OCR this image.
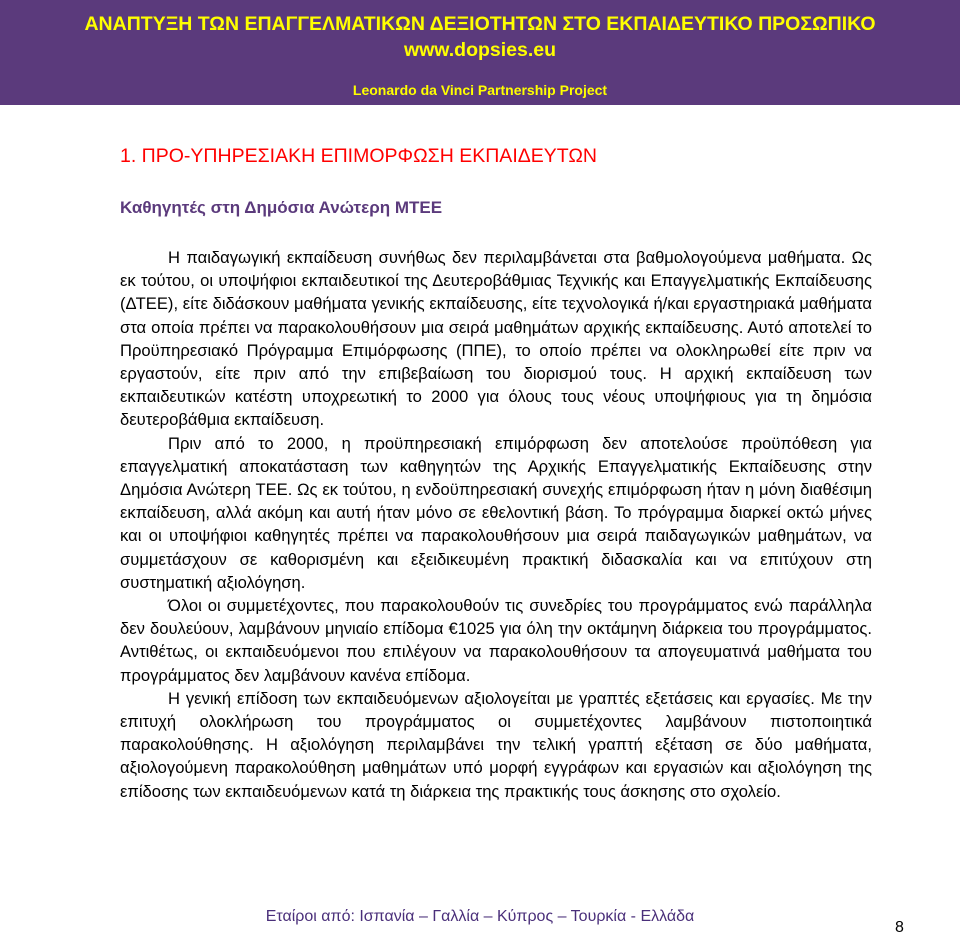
ΑΝΑΠΤΥΞΗ ΤΩΝ ΕΠΑΓΓΕΛΜΑΤΙΚΩΝ ΔΕΞΙΟΤΗΤΩΝ ΣΤΟ ΕΚΠΑΙΔΕΥΤΙΚΟ ΠΡΟΣΩΠΙΚΟ
www.dopsies.eu
Leonardo da Vinci Partnership Project
1. ΠΡΟ-ΥΠΗΡΕΣΙΑΚΗ ΕΠΙΜΟΡΦΩΣΗ ΕΚΠΑΙΔΕΥΤΩΝ
Καθηγητές στη Δημόσια Ανώτερη ΜΤΕΕ

Η παιδαγωγική εκπαίδευση συνήθως δεν περιλαμβάνεται στα βαθμολογούμενα μαθήματα. Ως εκ τούτου, οι υποψήφιοι εκπαιδευτικοί της Δευτεροβάθμιας Τεχνικής και Επαγγελματικής Εκπαίδευσης (ΔΤΕΕ), είτε διδάσκουν μαθήματα γενικής εκπαίδευσης, είτε τεχνολογικά ή/και εργαστηριακά μαθήματα στα οποία πρέπει να παρακολουθήσουν μια σειρά μαθημάτων αρχικής εκπαίδευσης. Αυτό αποτελεί το Προϋπηρεσιακό Πρόγραμμα Επιμόρφωσης (ΠΠΕ), το οποίο πρέπει να ολοκληρωθεί είτε πριν να εργαστούν, είτε πριν από την επιβεβαίωση του διορισμού τους. Η αρχική εκπαίδευση των εκπαιδευτικών κατέστη υποχρεωτική το 2000 για όλους τους νέους υποψήφιους για τη δημόσια δευτεροβάθμια εκπαίδευση.

Πριν από το 2000, η προϋπηρεσιακή επιμόρφωση δεν αποτελούσε προϋπόθεση για επαγγελματική αποκατάσταση των καθηγητών της Αρχικής Επαγγελματικής Εκπαίδευσης στην Δημόσια Ανώτερη ΤΕΕ. Ως εκ τούτου, η ενδοϋπηρεσιακή συνεχής επιμόρφωση ήταν η μόνη διαθέσιμη εκπαίδευση, αλλά ακόμη και αυτή ήταν μόνο σε εθελοντική βάση. Το πρόγραμμα διαρκεί οκτώ μήνες και οι υποψήφιοι καθηγητές πρέπει να παρακολουθήσουν μια σειρά παιδαγωγικών μαθημάτων, να συμμετάσχουν σε καθορισμένη και εξειδικευμένη πρακτική διδασκαλία και να επιτύχουν στη συστηματική αξιολόγηση.

Όλοι οι συμμετέχοντες, που παρακολουθούν τις συνεδρίες του προγράμματος ενώ παράλληλα δεν δουλεύουν, λαμβάνουν μηνιαίο επίδομα €1025 για όλη την οκτάμηνη διάρκεια του προγράμματος. Αντιθέτως, οι εκπαιδευόμενοι που επιλέγουν να παρακολουθήσουν τα απογευματινά μαθήματα του προγράμματος δεν λαμβάνουν κανένα επίδομα.

Η γενική επίδοση των εκπαιδευόμενων αξιολογείται με γραπτές εξετάσεις και εργασίες. Με την επιτυχή ολοκλήρωση του προγράμματος οι συμμετέχοντες λαμβάνουν πιστοποιητικά παρακολούθησης. Η αξιολόγηση περιλαμβάνει την τελική γραπτή εξέταση σε δύο μαθήματα, αξιολογούμενη παρακολούθηση μαθημάτων υπό μορφή εγγράφων και εργασιών και αξιολόγηση της επίδοσης των εκπαιδευόμενων κατά τη διάρκεια της πρακτικής τους άσκησης στο σχολείο.

Εταίροι από: Ισπανία – Γαλλία – Κύπρος – Τουρκία - Ελλάδα
8
